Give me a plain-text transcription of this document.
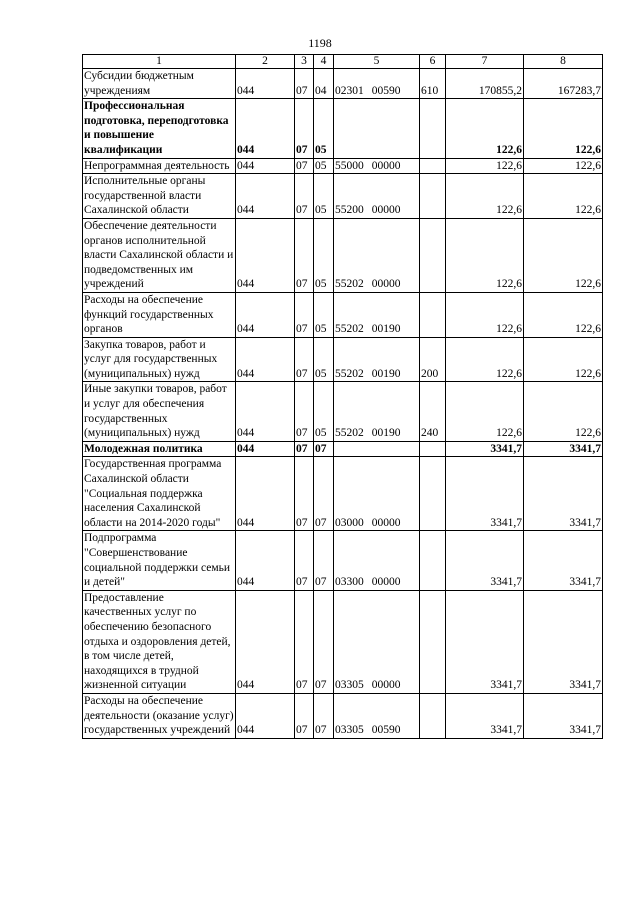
1198
1	2	3	4	5	6	7	8
Субсидии бюджетным учреждениям	044	07	04	02301 00590	610	170855,2	167283,7
Профессиональная подготовка, переподготовка и повышение квалификации	044	07	05			122,6	122,6
Непрограммная деятельность	044	07	05	55000 00000		122,6	122,6
Исполнительные органы государственной власти Сахалинской области	044	07	05	55200 00000		122,6	122,6
Обеспечение деятельности органов исполнительной власти Сахалинской области и подведомственных им учреждений	044	07	05	55202 00000		122,6	122,6
Расходы на обеспечение функций государственных органов	044	07	05	55202 00190		122,6	122,6
Закупка товаров, работ и услуг для государственных (муниципальных) нужд	044	07	05	55202 00190	200	122,6	122,6
Иные закупки товаров, работ и услуг для обеспечения государственных (муниципальных) нужд	044	07	05	55202 00190	240	122,6	122,6
Молодежная политика	044	07	07			3341,7	3341,7
Государственная программа Сахалинской области "Социальная поддержка населения Сахалинской области на 2014-2020 годы"	044	07	07	03000 00000		3341,7	3341,7
Подпрограмма "Совершенствование социальной поддержки семьи и детей"	044	07	07	03300 00000		3341,7	3341,7
Предоставление качественных услуг по обеспечению безопасного отдыха и оздоровления детей, в том числе детей, находящихся в трудной жизненной ситуации	044	07	07	03305 00000		3341,7	3341,7
Расходы на обеспечение деятельности (оказание услуг) государственных учреждений	044	07	07	03305 00590		3341,7	3341,7
